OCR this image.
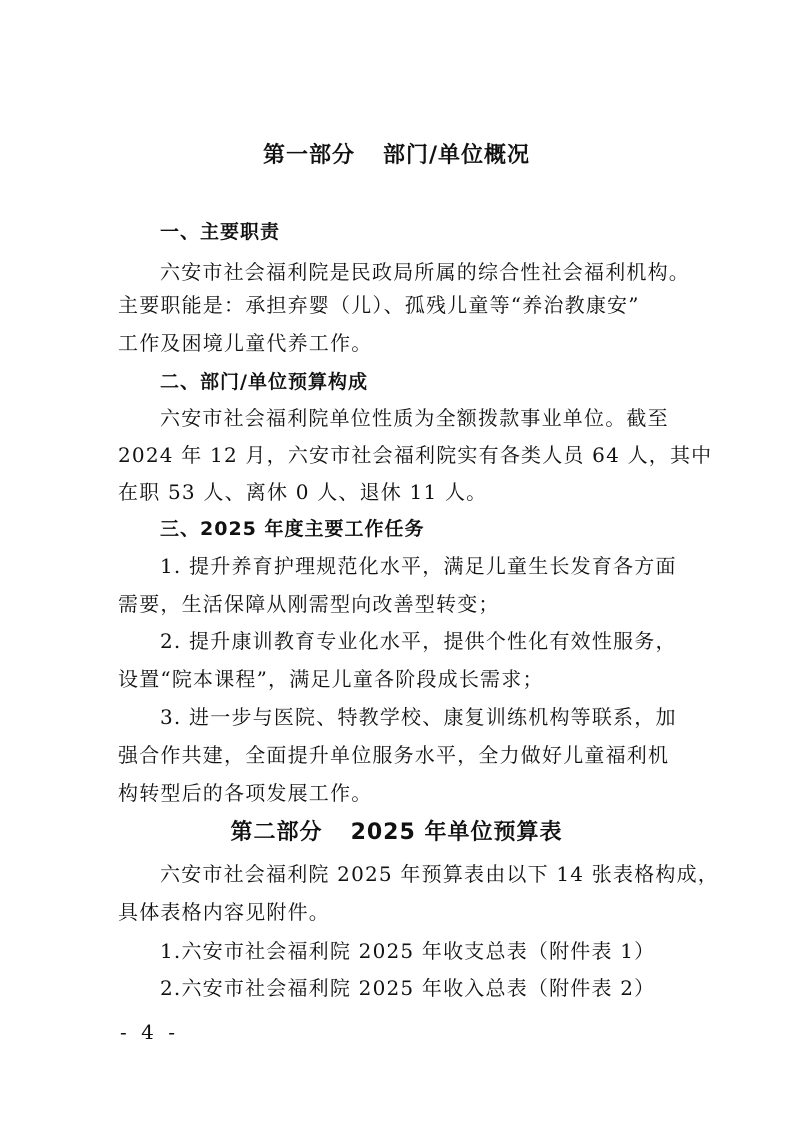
第一部分 部门/单位概况
一、主要职责
六安市社会福利院是民政局所属的综合性社会福利机构。
主要职能是：承担弃婴（儿）、孤残儿童等“养治教康安”
工作及困境儿童代养工作。
二、部门/单位预算构成
六安市社会福利院单位性质为全额拨款事业单位。截至
2024 年 12 月，六安市社会福利院实有各类人员 64 人，其中
在职 53 人、离休 0 人、退休 11 人。
三、2025 年度主要工作任务
1. 提升养育护理规范化水平，满足儿童生长发育各方面
需要，生活保障从刚需型向改善型转变；
2. 提升康训教育专业化水平，提供个性化有效性服务，
设置“院本课程”，满足儿童各阶段成长需求；
3. 进一步与医院、特教学校、康复训练机构等联系，加
强合作共建，全面提升单位服务水平，全力做好儿童福利机
构转型后的各项发展工作。
第二部分 2025 年单位预算表
六安市社会福利院 2025 年预算表由以下 14 张表格构成，
具体表格内容见附件。
1.六安市社会福利院 2025 年收支总表（附件表 1）
2.六安市社会福利院 2025 年收入总表（附件表 2）
- 4 -
